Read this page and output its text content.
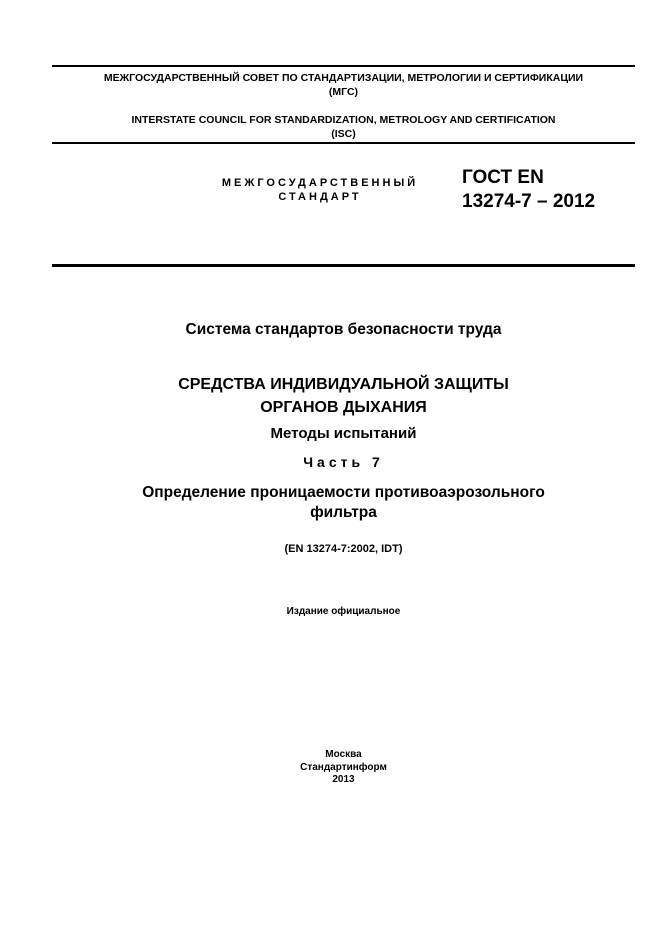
МЕЖГОСУДАРСТВЕННЫЙ СОВЕТ ПО СТАНДАРТИЗАЦИИ, МЕТРОЛОГИИ И СЕРТИФИКАЦИИ
(МГС)
INTERSTATE COUNCIL FOR STANDARDIZATION, METROLOGY AND CERTIFICATION
(ISC)
МЕЖГОСУДАРСТВЕННЫЙ
СТАНДАРТ
ГОСТ EN
13274-7 – 2012
Система стандартов безопасности труда
СРЕДСТВА ИНДИВИДУАЛЬНОЙ ЗАЩИТЫ
ОРГАНОВ ДЫХАНИЯ
Методы испытаний
Часть 7
Определение проницаемости противоаэрозольного
фильтра
(EN 13274-7:2002, IDT)
Издание официальное
Москва
Стандартинформ
2013
